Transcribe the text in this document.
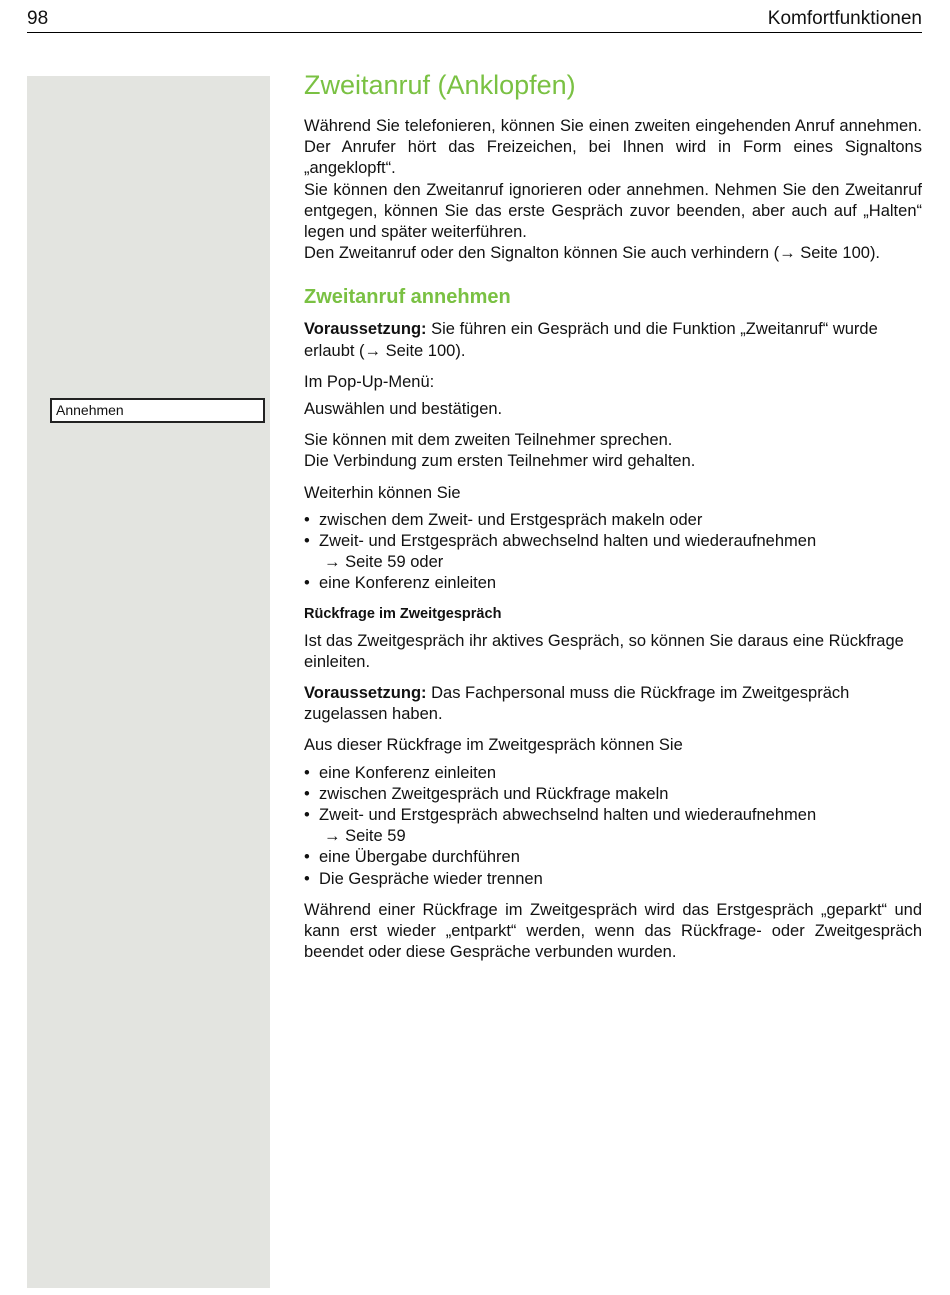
98	Komfortfunktionen
Annehmen
Zweitanruf (Anklopfen)
Während Sie telefonieren, können Sie einen zweiten eingehenden Anruf annehmen. Der Anrufer hört das Freizeichen, bei Ihnen wird in Form eines Signaltons „angeklopft“.
Sie können den Zweitanruf ignorieren oder annehmen. Nehmen Sie den Zweitanruf entgegen, können Sie das erste Gespräch zuvor beenden, aber auch auf „Halten“ legen und später weiterführen.
Den Zweitanruf oder den Signalton können Sie auch verhindern (→ Seite 100).
Zweitanruf annehmen

Voraussetzung: Sie führen ein Gespräch und die Funktion „Zweitanruf“ wurde erlaubt (→ Seite 100).

Im Pop-Up-Menü:

Auswählen und bestätigen.

Sie können mit dem zweiten Teilnehmer sprechen.
Die Verbindung zum ersten Teilnehmer wird gehalten.

Weiterhin können Sie

• zwischen dem Zweit- und Erstgespräch makeln oder
• Zweit- und Erstgespräch abwechselnd halten und wiederaufnehmen
→ Seite 59 oder
• eine Konferenz einleiten
Rückfrage im Zweitgespräch

Ist das Zweitgespräch ihr aktives Gespräch, so können Sie daraus eine Rückfrage einleiten.

Voraussetzung: Das Fachpersonal muss die Rückfrage im Zweitgespräch zugelassen haben.

Aus dieser Rückfrage im Zweitgespräch können Sie

• eine Konferenz einleiten
• zwischen Zweitgespräch und Rückfrage makeln
• Zweit- und Erstgespräch abwechselnd halten und wiederaufnehmen
→ Seite 59
• eine Übergabe durchführen
• Die Gespräche wieder trennen

Während einer Rückfrage im Zweitgespräch wird das Erstgespräch „geparkt“ und kann erst wieder „entparkt“ werden, wenn das Rückfrage- oder Zweitgespräch beendet oder diese Gespräche verbunden wurden.
